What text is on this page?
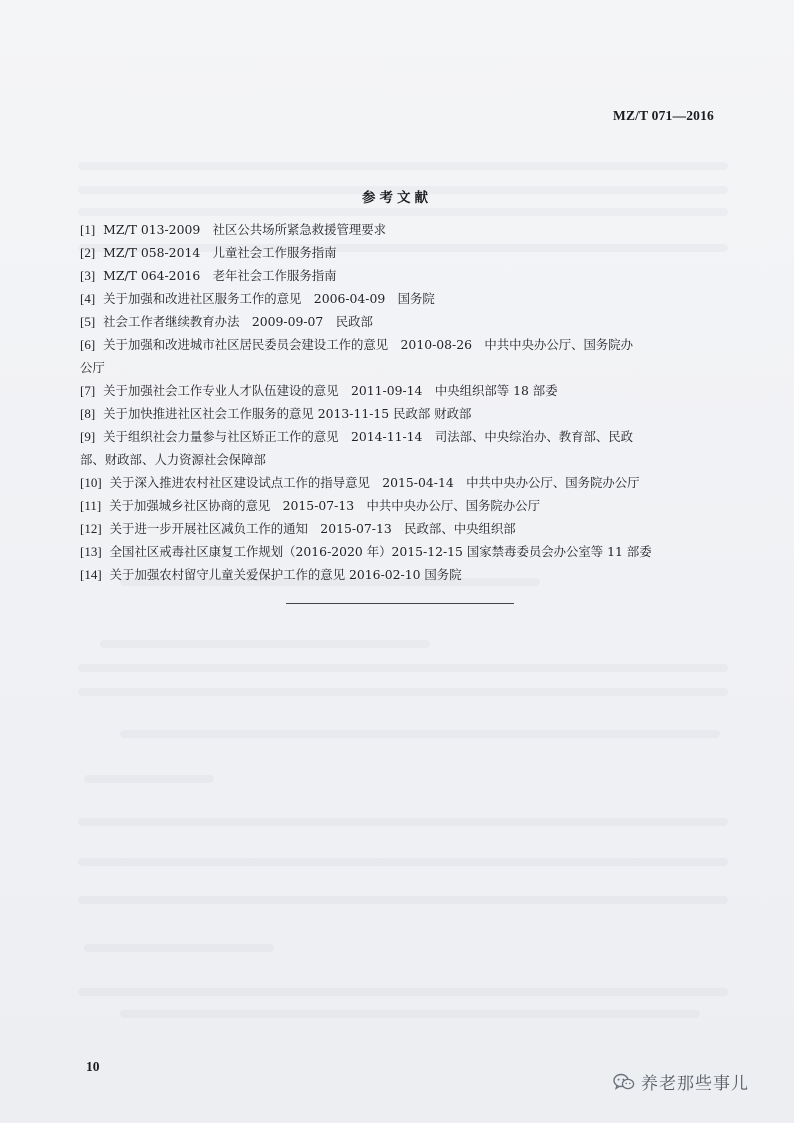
MZ/T 071—2016
参考文献
[1] MZ/T 013-2009　社区公共场所紧急救援管理要求
[2] MZ/T 058-2014　儿童社会工作服务指南
[3] MZ/T 064-2016　老年社会工作服务指南
[4] 关于加强和改进社区服务工作的意见　2006-04-09　国务院
[5] 社会工作者继续教育办法　2009-09-07　民政部
[6] 关于加强和改进城市社区居民委员会建设工作的意见　2010-08-26　中共中央办公厅、国务院办
公厅
[7] 关于加强社会工作专业人才队伍建设的意见　2011-09-14　中央组织部等 18 部委
[8] 关于加快推进社区社会工作服务的意见 2013-11-15 民政部 财政部
[9] 关于组织社会力量参与社区矫正工作的意见　2014-11-14　司法部、中央综治办、教育部、民政
部、财政部、人力资源社会保障部
[10] 关于深入推进农村社区建设试点工作的指导意见　2015-04-14　中共中央办公厅、国务院办公厅
[11] 关于加强城乡社区协商的意见　2015-07-13　中共中央办公厅、国务院办公厅
[12] 关于进一步开展社区减负工作的通知　2015-07-13　民政部、中央组织部
[13] 全国社区戒毒社区康复工作规划（2016-2020 年）2015-12-15 国家禁毒委员会办公室等 11 部委
[14] 关于加强农村留守儿童关爱保护工作的意见 2016-02-10 国务院
10
养老那些事儿
